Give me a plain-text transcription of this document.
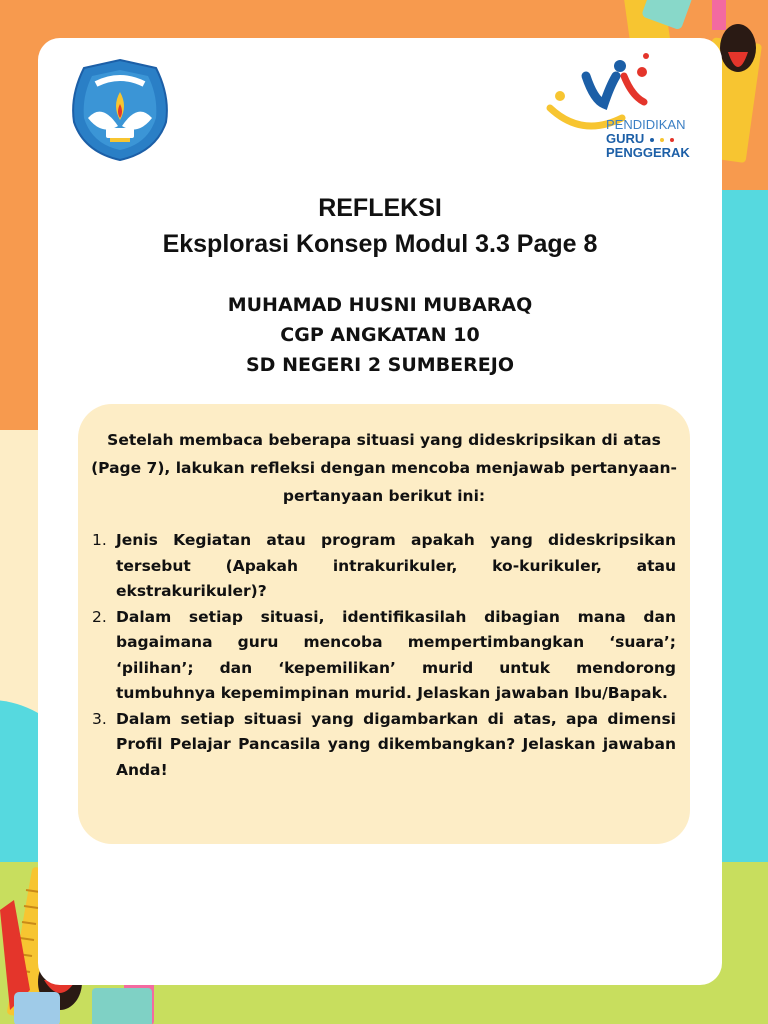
PENDIDIKAN
GURU
PENGGERAK
REFLEKSI
Eksplorasi Konsep Modul 3.3 Page 8
MUHAMAD HUSNI MUBARAQ
CGP ANGKATAN 10
SD NEGERI 2 SUMBEREJO
Setelah membaca beberapa situasi yang dideskripsikan di atas (Page 7), lakukan refleksi dengan mencoba menjawab pertanyaan-pertanyaan berikut ini:
1. Jenis Kegiatan atau program apakah yang dideskripsikan tersebut (Apakah intrakurikuler, ko-kurikuler, atau ekstrakurikuler)?
2. Dalam setiap situasi, identifikasilah dibagian mana dan bagaimana guru mencoba mempertimbangkan ‘suara’; ‘pilihan’; dan ‘kepemilikan’ murid untuk mendorong tumbuhnya kepemimpinan murid. Jelaskan jawaban Ibu/Bapak.
3. Dalam setiap situasi yang digambarkan di atas, apa dimensi Profil Pelajar Pancasila yang dikembangkan? Jelaskan jawaban Anda!
